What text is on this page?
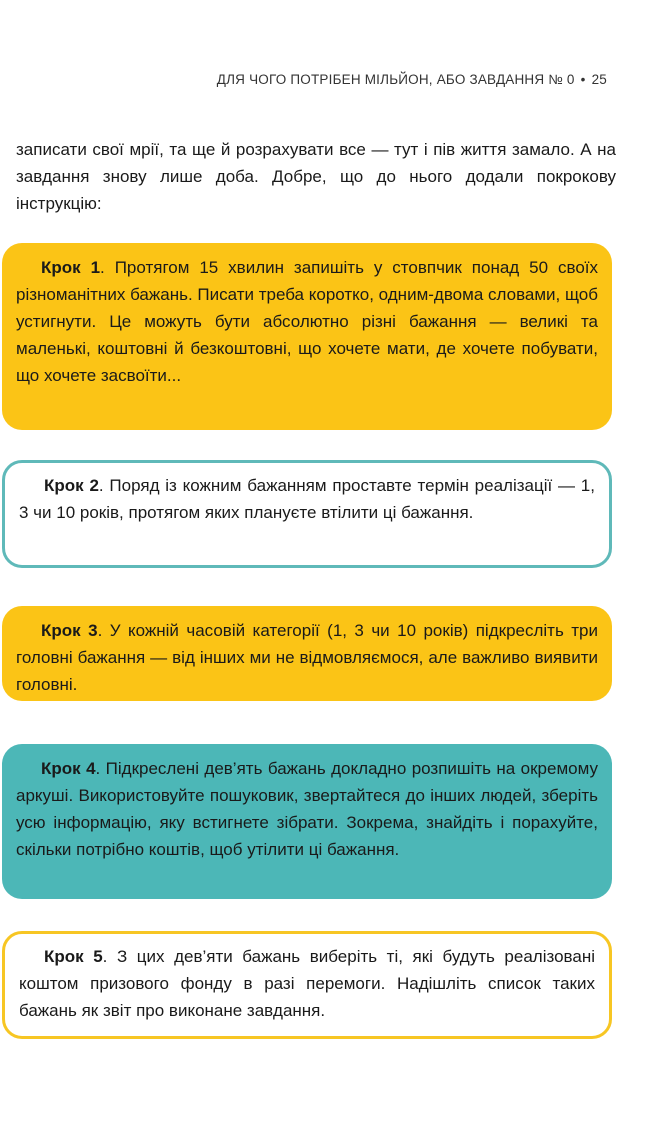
ДЛЯ ЧОГО ПОТРІБЕН МІЛЬЙОН, АБО ЗАВДАННЯ № 0 • 25
записати свої мрії, та ще й розрахувати все — тут і пів життя замало. А на завдання знову лише доба. Добре, що до нього додали покрокову інструкцію:
Крок 1. Протягом 15 хвилин запишіть у стовпчик понад 50 своїх різноманітних бажань. Писати треба коротко, одним-двома словами, щоб устигнути. Це можуть бути абсолютно різні бажання — великі та маленькі, коштовні й безкоштовні, що хочете мати, де хочете побувати, що хочете засвоїти...
Крок 2. Поряд із кожним бажанням проставте термін реалізації — 1, 3 чи 10 років, протягом яких плануєте втілити ці бажання.
Крок 3. У кожній часовій категорії (1, 3 чи 10 років) підкресліть три головні бажання — від інших ми не відмовляємося, але важливо виявити головні.
Крок 4. Підкреслені дев’ять бажань докладно розпишіть на окремому аркуші. Використовуйте пошуковик, звертайтеся до інших людей, зберіть усю інформацію, яку встигнете зібрати. Зокрема, знайдіть і порахуйте, скільки потрібно коштів, щоб утілити ці бажання.
Крок 5. З цих дев’яти бажань виберіть ті, які будуть реалізовані коштом призового фонду в разі перемоги. Надішліть список таких бажань як звіт про виконане завдання.
